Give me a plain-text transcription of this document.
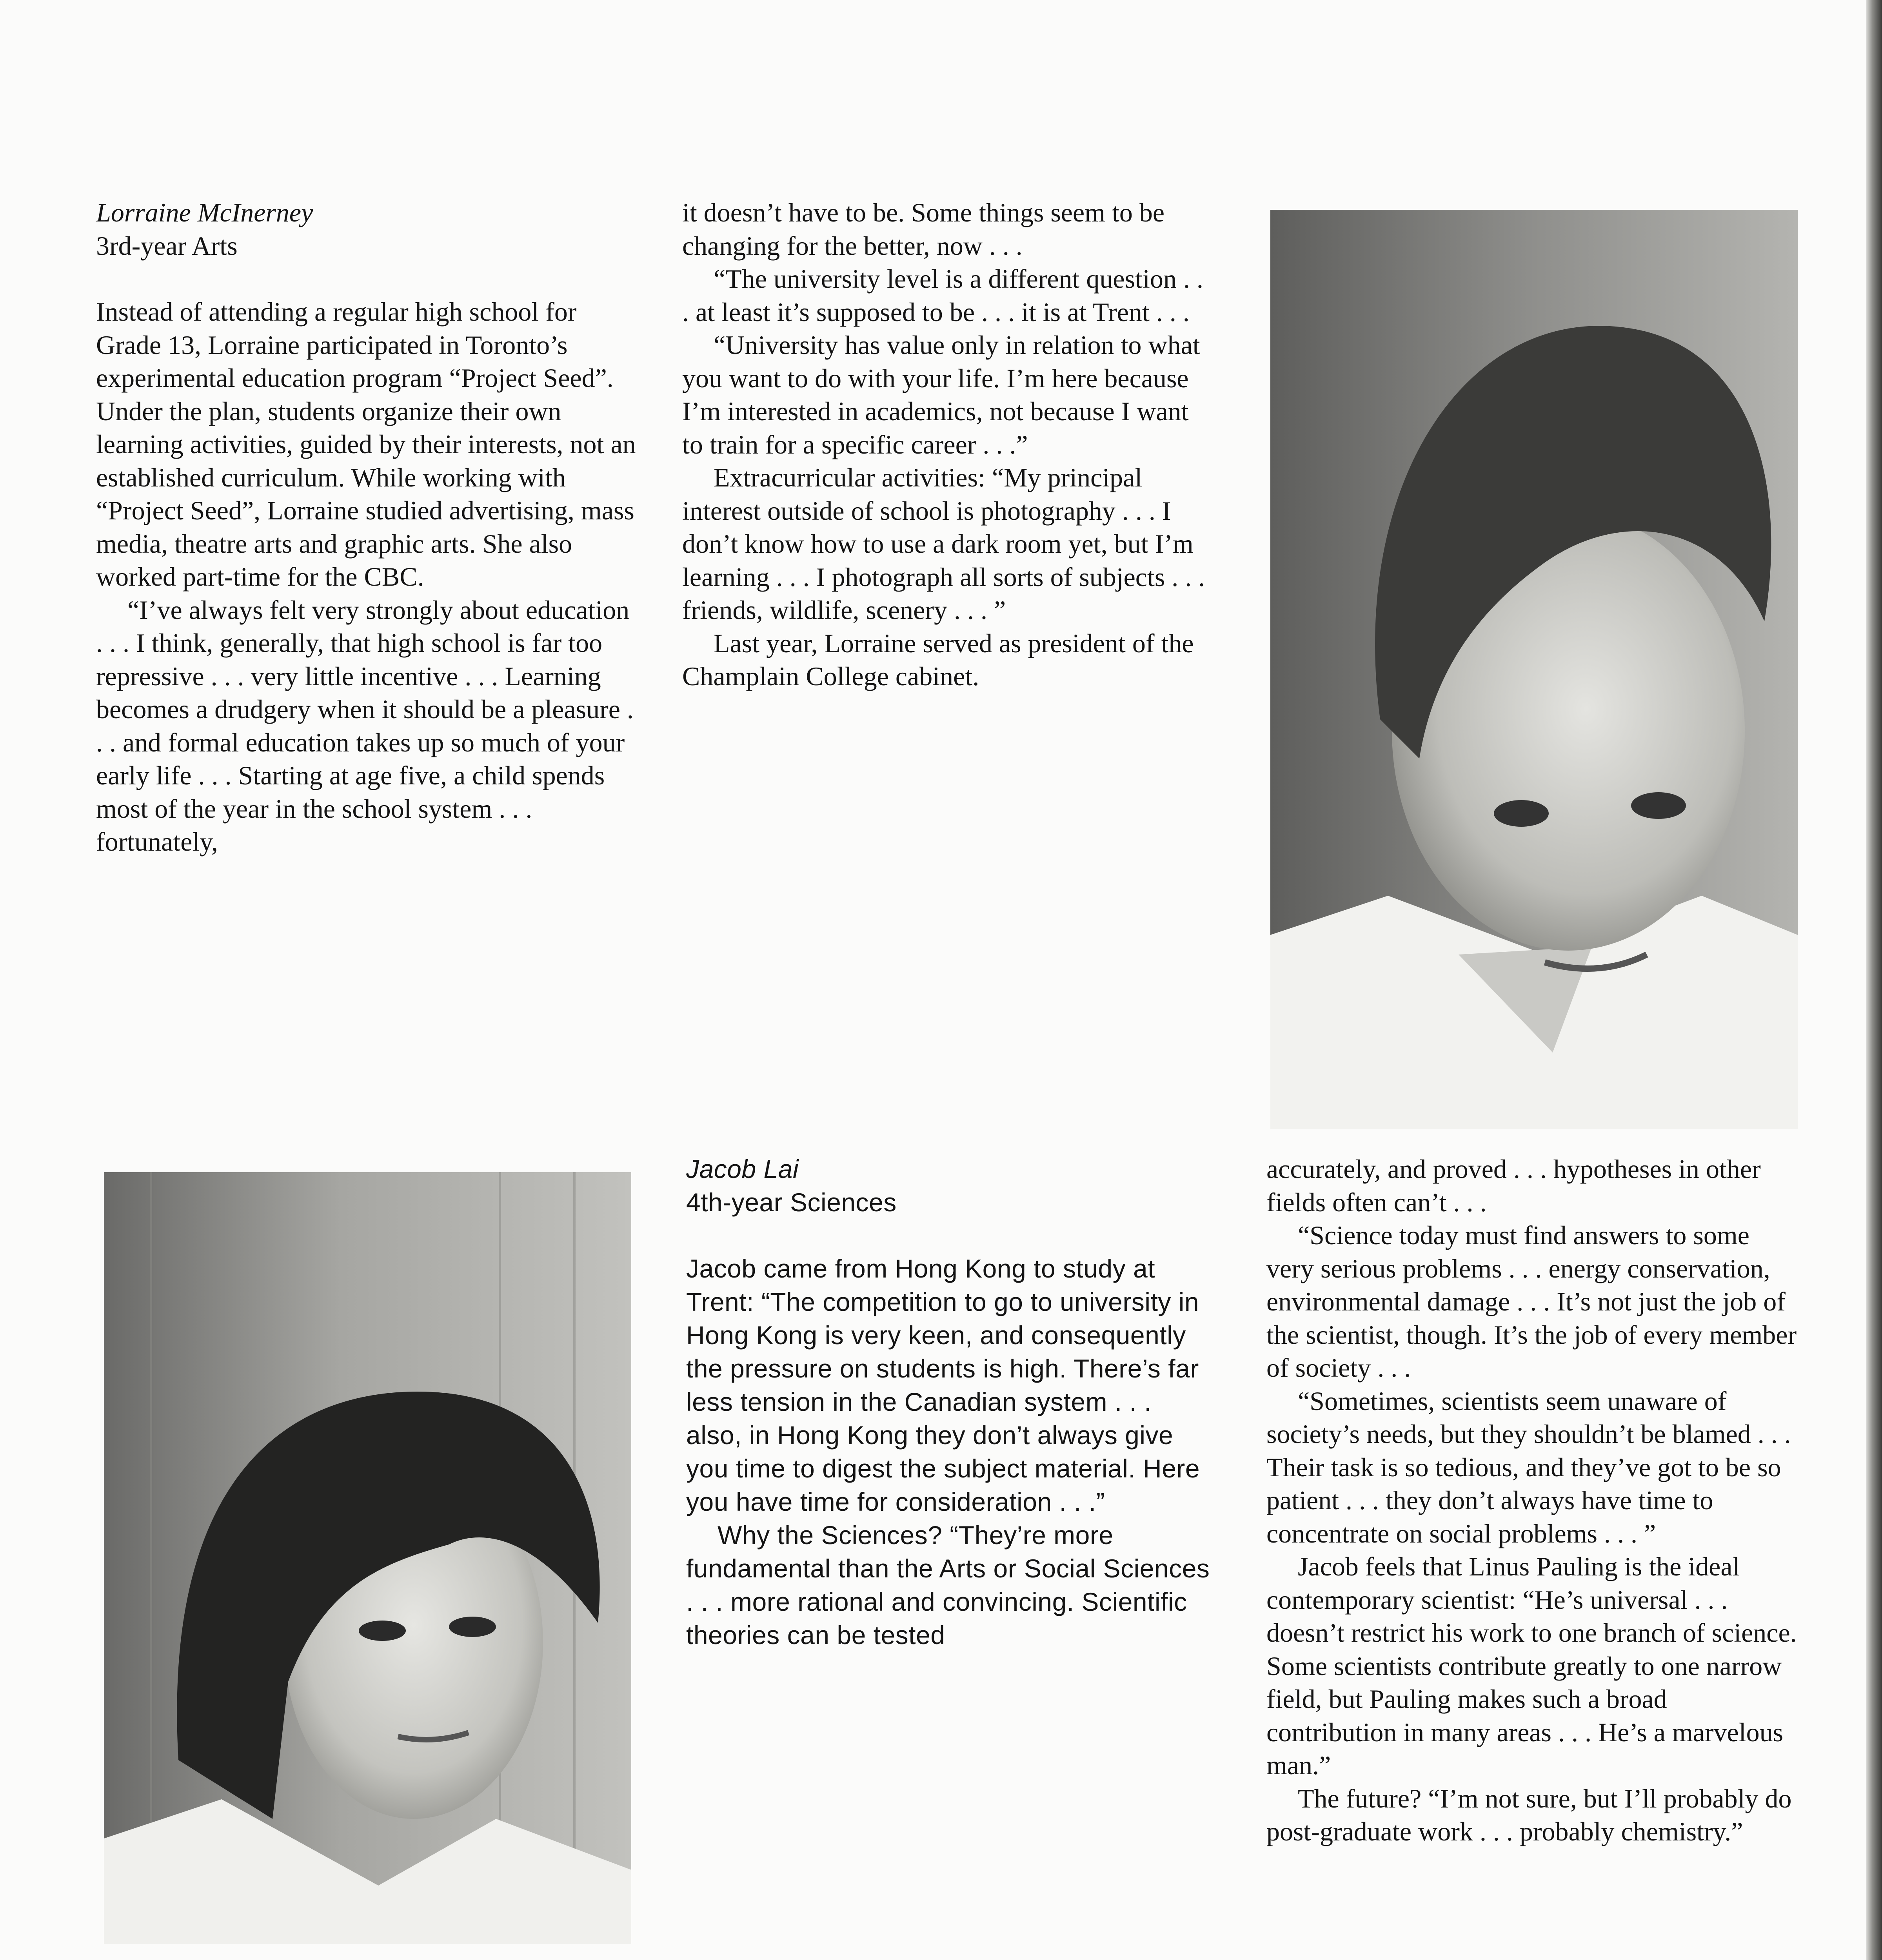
Lorraine McInerney
3rd-year Arts

Instead of attending a regular high school for Grade 13, Lorraine participated in Toronto’s experimental education program “Project Seed”. Under the plan, students organize their own learning activities, guided by their interests, not an established curriculum. While working with “Project Seed”, Lorraine studied advertising, mass media, theatre arts and graphic arts. She also worked part-time for the CBC.

“I’ve always felt very strongly about education . . . I think, generally, that high school is far too repressive . . . very little incentive . . . Learning becomes a drudgery when it should be a pleasure . . . and formal education takes up so much of your early life . . . Starting at age five, a child spends most of the year in the school system . . . fortunately,

it doesn’t have to be. Some things seem to be changing for the better, now . . .

“The university level is a different question . . . at least it’s supposed to be . . . it is at Trent . . .

“University has value only in relation to what you want to do with your life. I’m here because I’m interested in academics, not because I want to train for a specific career . . .”

Extracurricular activities: “My principal interest outside of school is photography . . . I don’t know how to use a dark room yet, but I’m learning . . . I photograph all sorts of subjects . . . friends, wildlife, scenery . . . ”

Last year, Lorraine served as president of the Champlain College cabinet.

Jacob Lai
4th-year Sciences

Jacob came from Hong Kong to study at Trent: “The competition to go to university in Hong Kong is very keen, and consequently the pressure on students is high. There’s far less tension in the Canadian system . . . also, in Hong Kong they don’t always give you time to digest the subject material. Here you have time for consideration . . .”

Why the Sciences? “They’re more fundamental than the Arts or Social Sciences . . . more rational and convincing. Scientific theories can be tested

accurately, and proved . . . hypotheses in other fields often can’t . . .

“Science today must find answers to some very serious problems . . . energy conservation, environmental damage . . . It’s not just the job of the scientist, though. It’s the job of every member of society . . .

“Sometimes, scientists seem unaware of society’s needs, but they shouldn’t be blamed . . . Their task is so tedious, and they’ve got to be so patient . . . they don’t always have time to concentrate on social problems . . . ”

Jacob feels that Linus Pauling is the ideal contemporary scientist: “He’s universal . . . doesn’t restrict his work to one branch of science. Some scientists contribute greatly to one narrow field, but Pauling makes such a broad contribution in many areas . . . He’s a marvelous man.”

The future? “I’m not sure, but I’ll probably do post-graduate work . . . probably chemistry.”
